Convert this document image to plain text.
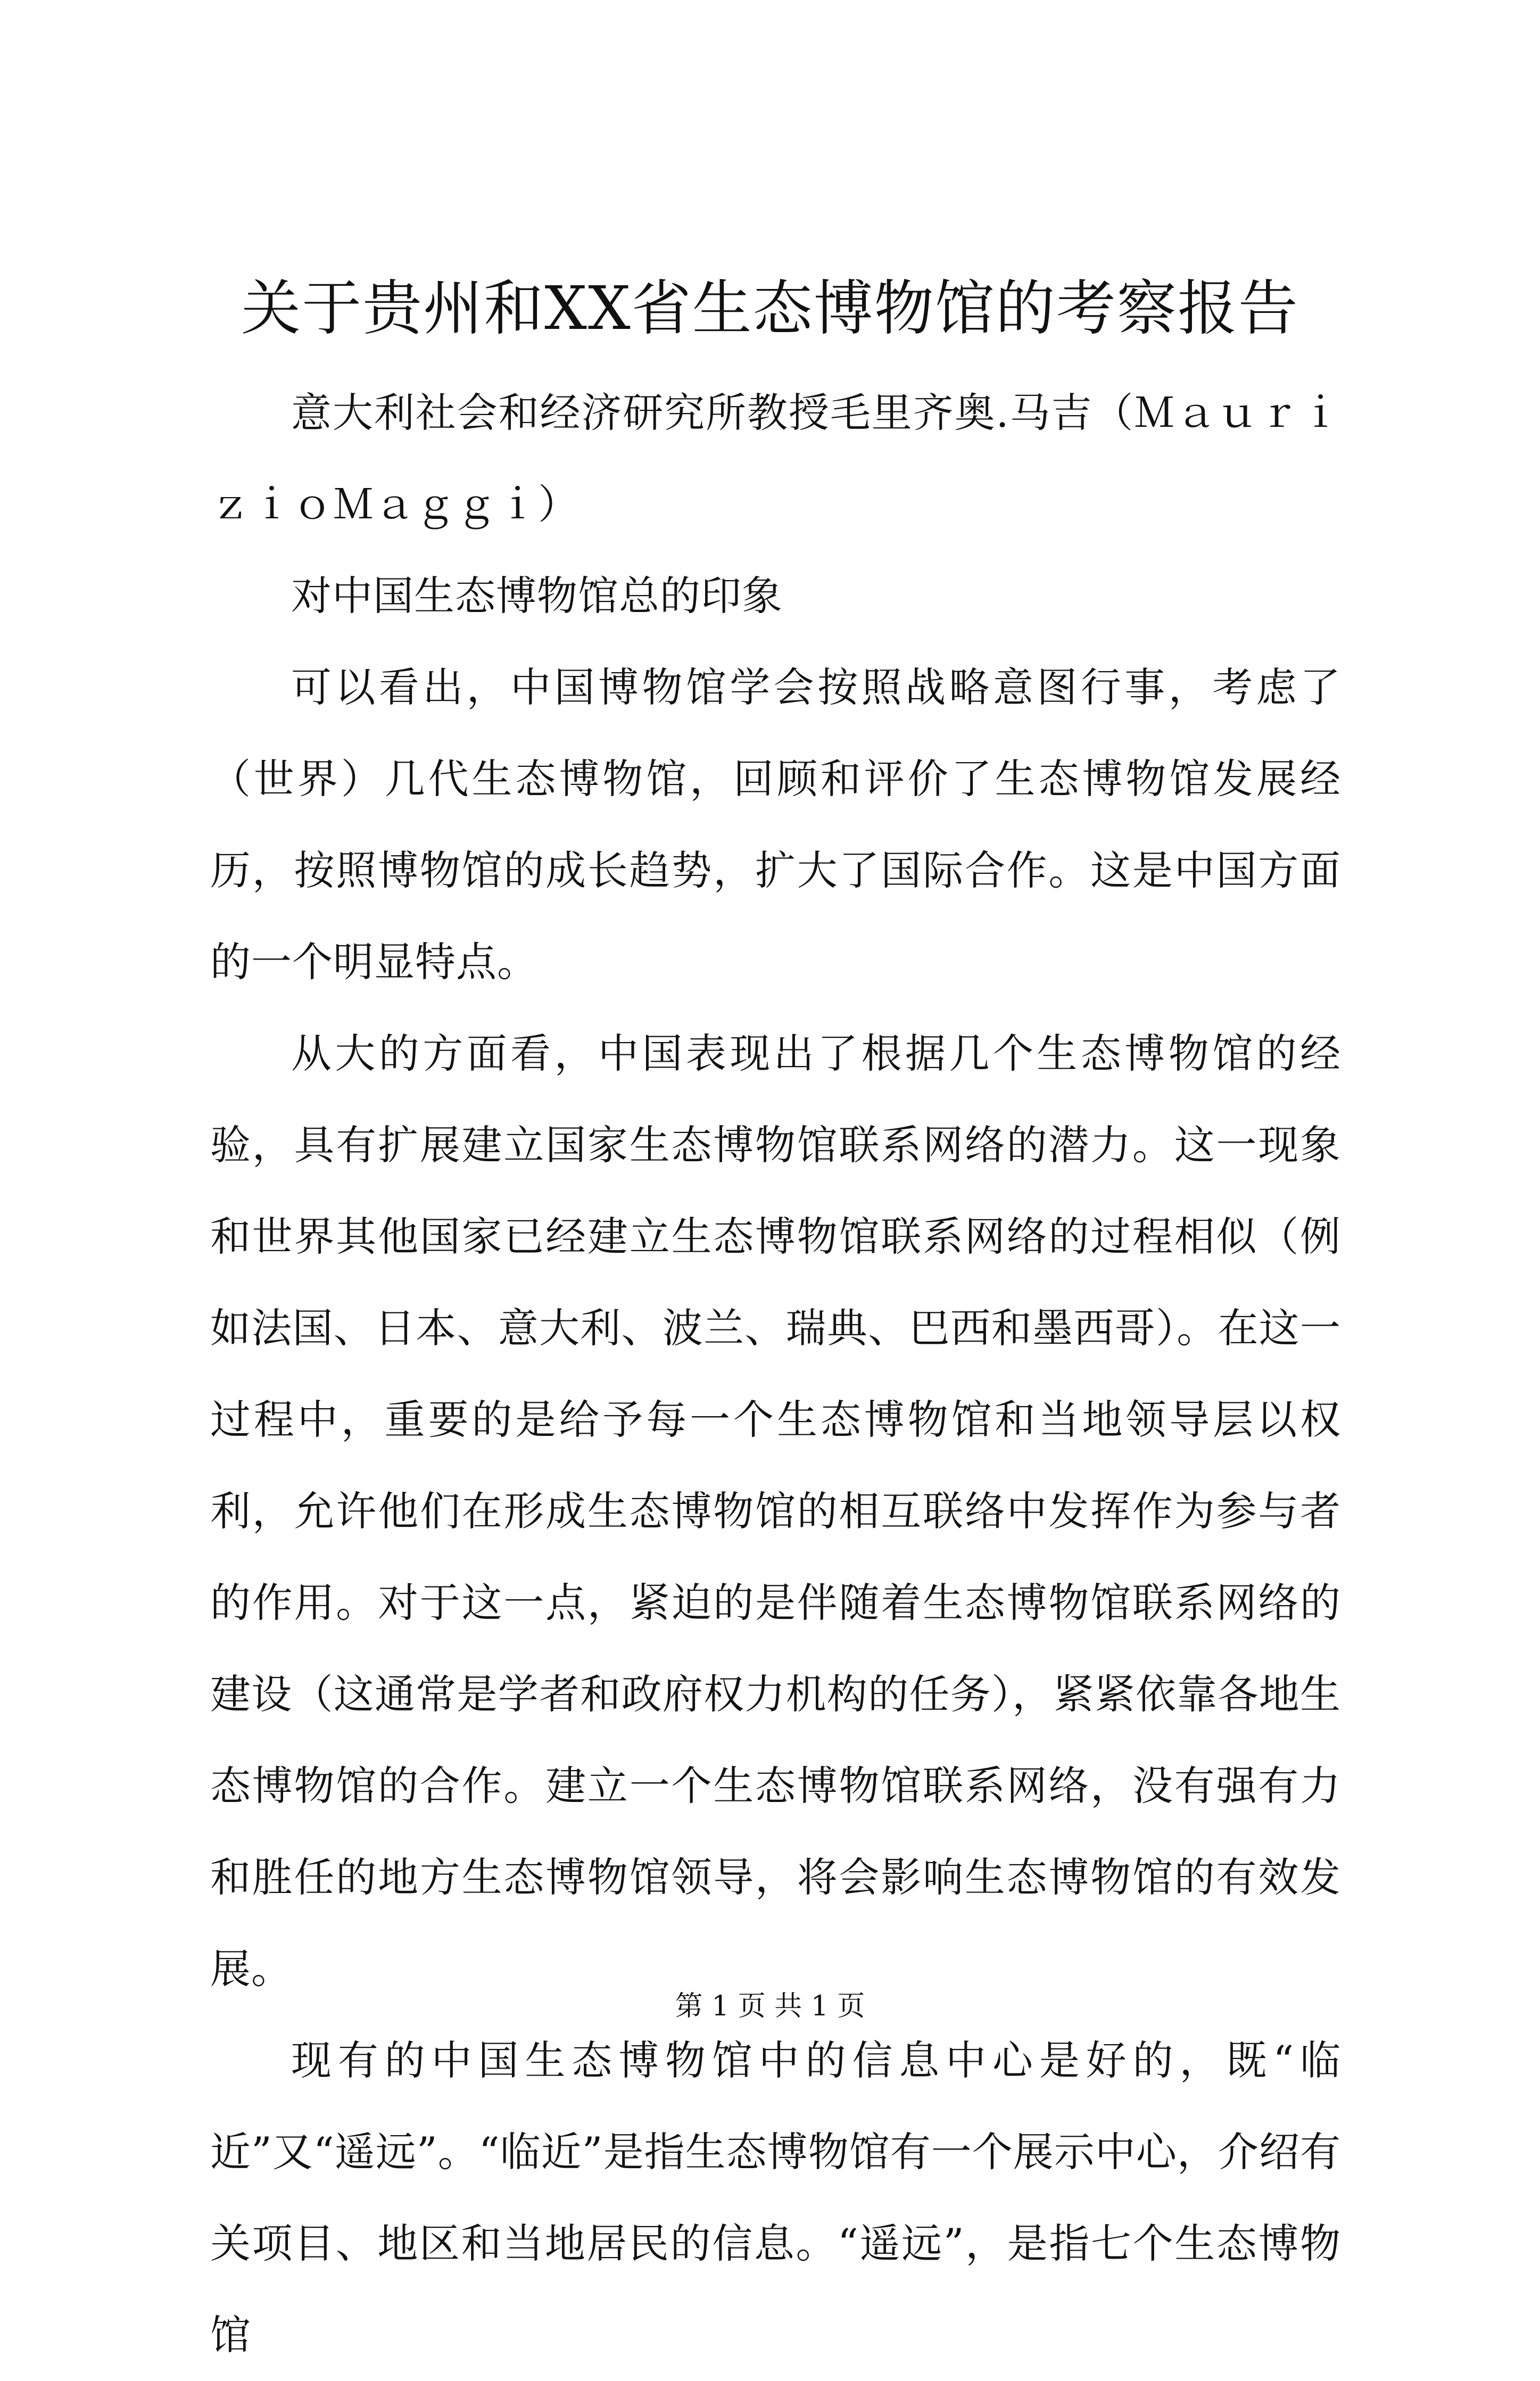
关于贵州和XX省生态博物馆的考察报告

意大利社会和经济研究所教授毛里齐奥.马吉（ＭａｕｒｉｚｉｏＭａｇｇｉ）

对中国生态博物馆总的印象

可以看出，中国博物馆学会按照战略意图行事，考虑了（世界）几代生态博物馆，回顾和评价了生态博物馆发展经历，按照博物馆的成长趋势，扩大了国际合作。这是中国方面的一个明显特点。

从大的方面看，中国表现出了根据几个生态博物馆的经验，具有扩展建立国家生态博物馆联系网络的潜力。这一现象和世界其他国家已经建立生态博物馆联系网络的过程相似（例如法国、日本、意大利、波兰、瑞典、巴西和墨西哥）。在这一过程中，重要的是给予每一个生态博物馆和当地领导层以权利，允许他们在形成生态博物馆的相互联络中发挥作为参与者的作用。对于这一点，紧迫的是伴随着生态博物馆联系网络的建设（这通常是学者和政府权力机构的任务），紧紧依靠各地生态博物馆的合作。建立一个生态博物馆联系网络，没有强有力和胜任的地方生态博物馆领导，将会影响生态博物馆的有效发展。

现有的中国生态博物馆中的信息中心是好的，既“临近”又“遥远”。“临近”是指生态博物馆有一个展示中心，介绍有关项目、地区和当地居民的信息。“遥远”，是指七个生态博物馆

第 1 页 共 1 页
